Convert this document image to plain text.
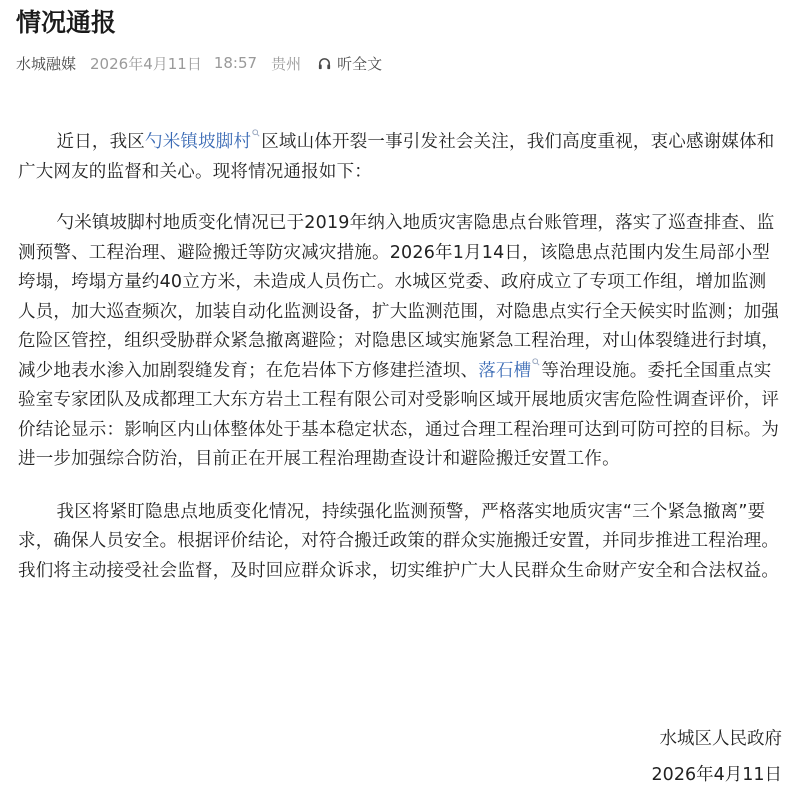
情况通报
水城融媒 2026年4月11日 18:57 贵州 听全文

近日，我区勺米镇坡脚村 区域山体开裂一事引发社会关注，我们高度重视，衷心感谢媒体和广大网友的监督和关心。现将情况通报如下：

勺米镇坡脚村地质变化情况已于2019年纳入地质灾害隐患点台账管理，落实了巡查排查、监测预警、工程治理、避险搬迁等防灾减灾措施。2026年1月14日，该隐患点范围内发生局部小型垮塌，垮塌方量约40立方米，未造成人员伤亡。水城区党委、政府成立了专项工作组，增加监测人员，加大巡查频次，加装自动化监测设备，扩大监测范围，对隐患点实行全天候实时监测；加强危险区管控，组织受胁群众紧急撤离避险；对隐患区域实施紧急工程治理，对山体裂缝进行封填，减少地表水渗入加剧裂缝发育；在危岩体下方修建拦渣坝、落石槽 等治理设施。委托全国重点实验室专家团队及成都理工大东方岩土工程有限公司对受影响区域开展地质灾害危险性调查评价，评价结论显示：影响区内山体整体处于基本稳定状态，通过合理工程治理可达到可防可控的目标。为进一步加强综合防治，目前正在开展工程治理勘查设计和避险搬迁安置工作。

我区将紧盯隐患点地质变化情况，持续强化监测预警，严格落实地质灾害“三个紧急撤离”要求，确保人员安全。根据评价结论，对符合搬迁政策的群众实施搬迁安置，并同步推进工程治理。我们将主动接受社会监督，及时回应群众诉求，切实维护广大人民群众生命财产安全和合法权益。

水城区人民政府
2026年4月11日
